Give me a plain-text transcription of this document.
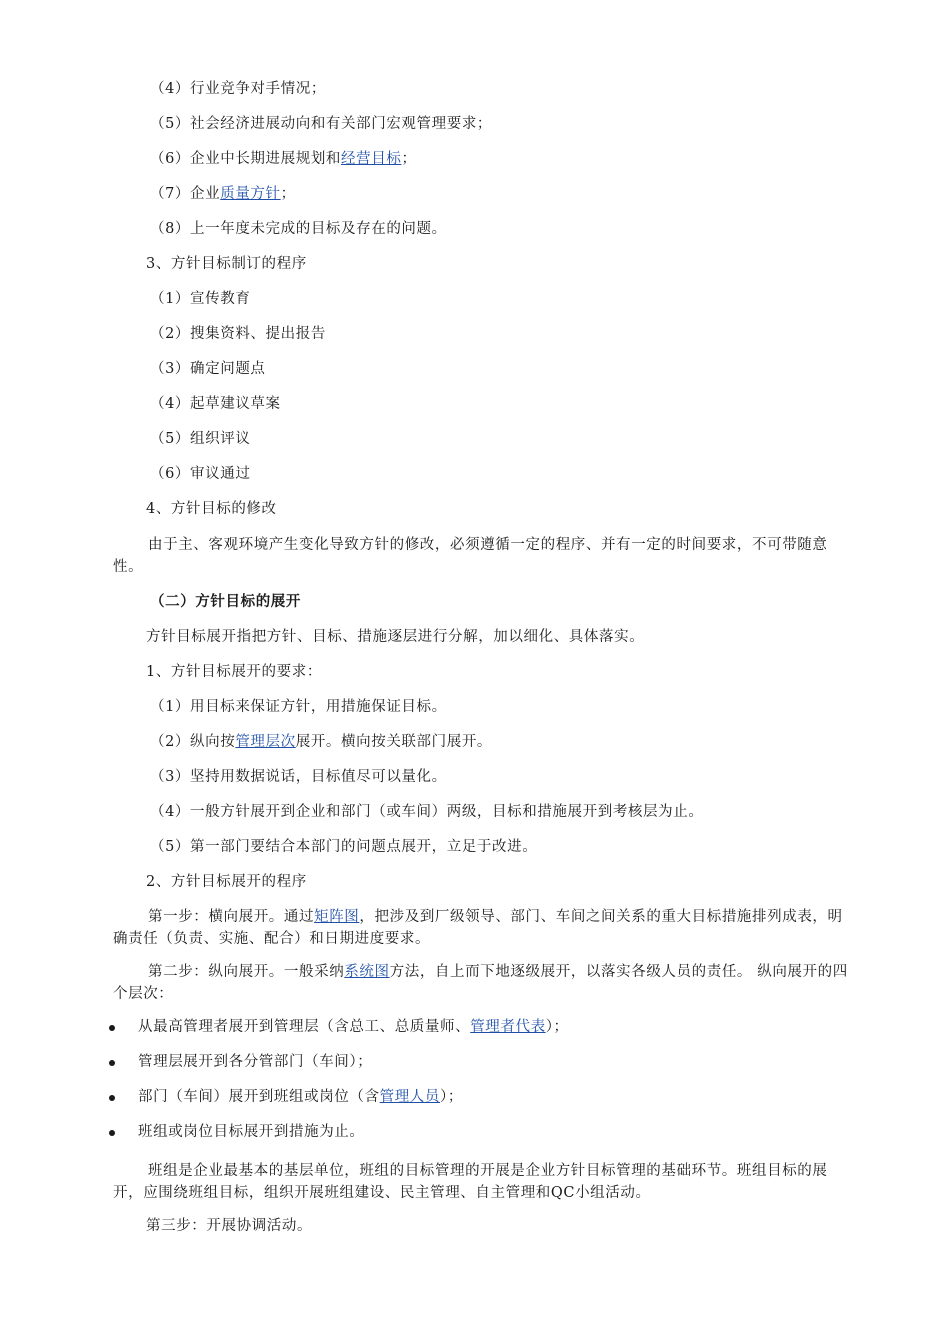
（4）行业竞争对手情况；
（5）社会经济进展动向和有关部门宏观管理要求；
（6）企业中长期进展规划和经营目标；
（7）企业质量方针；
（8）上一年度未完成的目标及存在的问题。
3、方针目标制订的程序
（1）宣传教育
（2）搜集资料、提出报告
（3）确定问题点
（4）起草建议草案
（5）组织评议
（6）审议通过
4、方针目标的修改
由于主、客观环境产生变化导致方针的修改，必须遵循一定的程序、并有一定的时间要求，不可带随意性。
（二）方针目标的展开
方针目标展开指把方针、目标、措施逐层进行分解，加以细化、具体落实。
1、方针目标展开的要求：
（1）用目标来保证方针，用措施保证目标。
（2）纵向按管理层次展开。横向按关联部门展开。
（3）坚持用数据说话，目标值尽可以量化。
（4）一般方针展开到企业和部门（或车间）两级，目标和措施展开到考核层为止。
（5）第一部门要结合本部门的问题点展开，立足于改进。
2、方针目标展开的程序
第一步：横向展开。通过矩阵图，把涉及到厂级领导、部门、车间之间关系的重大目标措施排列成表，明确责任（负责、实施、配合）和日期进度要求。
第二步：纵向展开。一般采纳系统图方法，自上而下地逐级展开，以落实各级人员的责任。 纵向展开的四个层次：
从最高管理者展开到管理层（含总工、总质量师、管理者代表）；
管理层展开到各分管部门（车间）；
部门（车间）展开到班组或岗位（含管理人员）；
班组或岗位目标展开到措施为止。
班组是企业最基本的基层单位，班组的目标管理的开展是企业方针目标管理的基础环节。班组目标的展开，应围绕班组目标，组织开展班组建设、民主管理、自主管理和QC小组活动。
第三步：开展协调活动。
